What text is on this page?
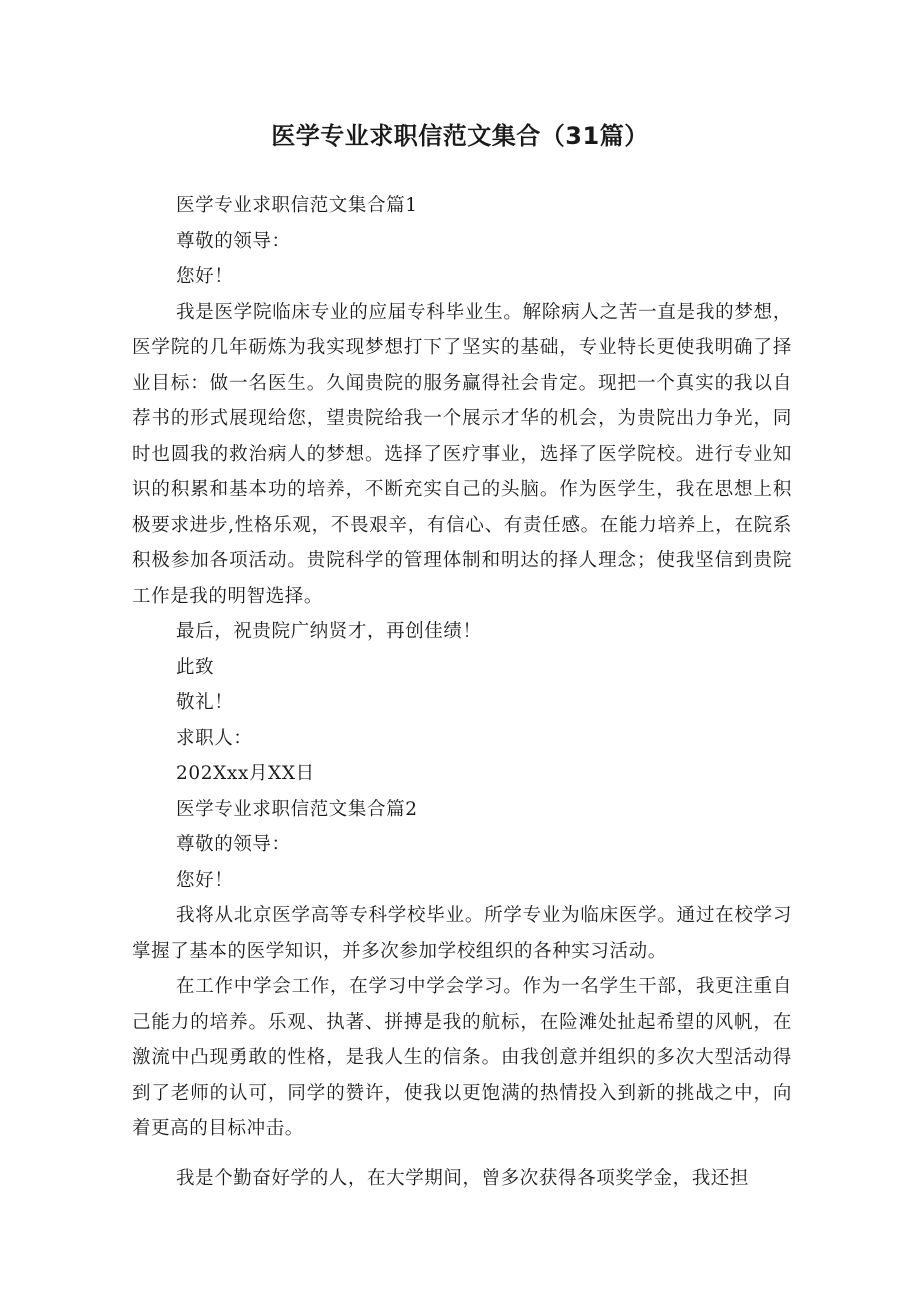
医学专业求职信范文集合（31篇）

医学专业求职信范文集合篇1

尊敬的领导：

您好！

我是医学院临床专业的应届专科毕业生。解除病人之苦一直是我的梦想，医学院的几年砺炼为我实现梦想打下了坚实的基础，专业特长更使我明确了择业目标：做一名医生。久闻贵院的服务赢得社会肯定。现把一个真实的我以自荐书的形式展现给您，望贵院给我一个展示才华的机会，为贵院出力争光，同时也圆我的救治病人的梦想。选择了医疗事业，选择了医学院校。进行专业知识的积累和基本功的培养，不断充实自己的头脑。作为医学生，我在思想上积极要求进步,性格乐观，不畏艰辛，有信心、有责任感。在能力培养上，在院系积极参加各项活动。贵院科学的管理体制和明达的择人理念；使我坚信到贵院工作是我的明智选择。

最后，祝贵院广纳贤才，再创佳绩！

此致

敬礼！

求职人：

202Xxx月XX日

医学专业求职信范文集合篇2

尊敬的领导：

您好！

我将从北京医学高等专科学校毕业。所学专业为临床医学。通过在校学习掌握了基本的医学知识，并多次参加学校组织的各种实习活动。

在工作中学会工作，在学习中学会学习。作为一名学生干部，我更注重自己能力的培养。乐观、执著、拼搏是我的航标，在险滩处扯起希望的风帆，在激流中凸现勇敢的性格，是我人生的信条。由我创意并组织的多次大型活动得到了老师的认可，同学的赞许，使我以更饱满的热情投入到新的挑战之中，向着更高的目标冲击。

我是个勤奋好学的人，在大学期间，曾多次获得各项奖学金，我还担
